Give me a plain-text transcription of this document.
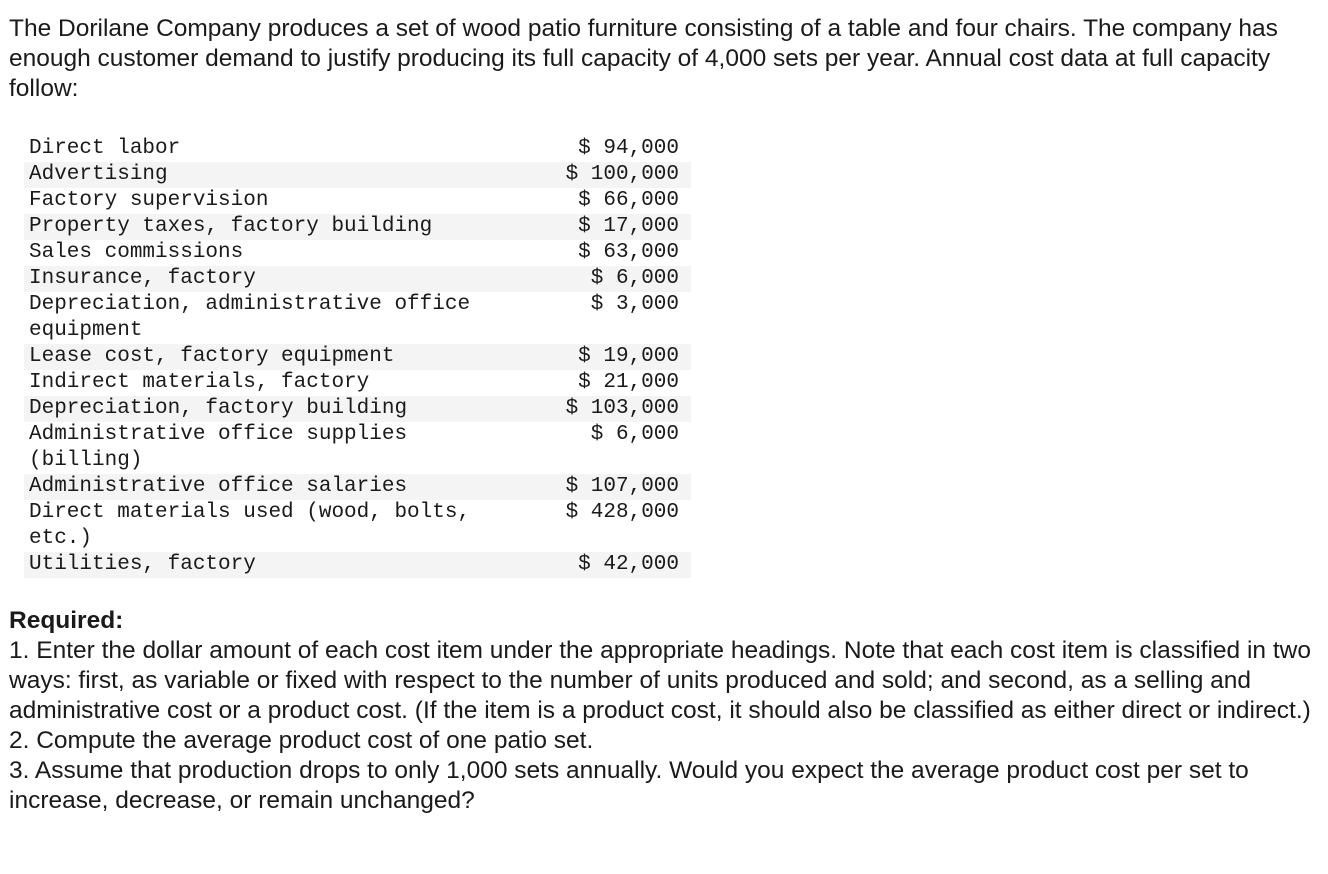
The Dorilane Company produces a set of wood patio furniture consisting of a table and four chairs. The company has enough customer demand to justify producing its full capacity of 4,000 sets per year. Annual cost data at full capacity follow:

Direct labor	$ 94,000
Advertising	$ 100,000
Factory supervision	$ 66,000
Property taxes, factory building	$ 17,000
Sales commissions	$ 63,000
Insurance, factory	$ 6,000
Depreciation, administrative office equipment	$ 3,000
Lease cost, factory equipment	$ 19,000
Indirect materials, factory	$ 21,000
Depreciation, factory building	$ 103,000
Administrative office supplies (billing)	$ 6,000
Administrative office salaries	$ 107,000
Direct materials used (wood, bolts, etc.)	$ 428,000
Utilities, factory	$ 42,000
Required:

1. Enter the dollar amount of each cost item under the appropriate headings. Note that each cost item is classified in two ways: first, as variable or fixed with respect to the number of units produced and sold; and second, as a selling and administrative cost or a product cost. (If the item is a product cost, it should also be classified as either direct or indirect.)

2. Compute the average product cost of one patio set.

3. Assume that production drops to only 1,000 sets annually. Would you expect the average product cost per set to increase, decrease, or remain unchanged?
